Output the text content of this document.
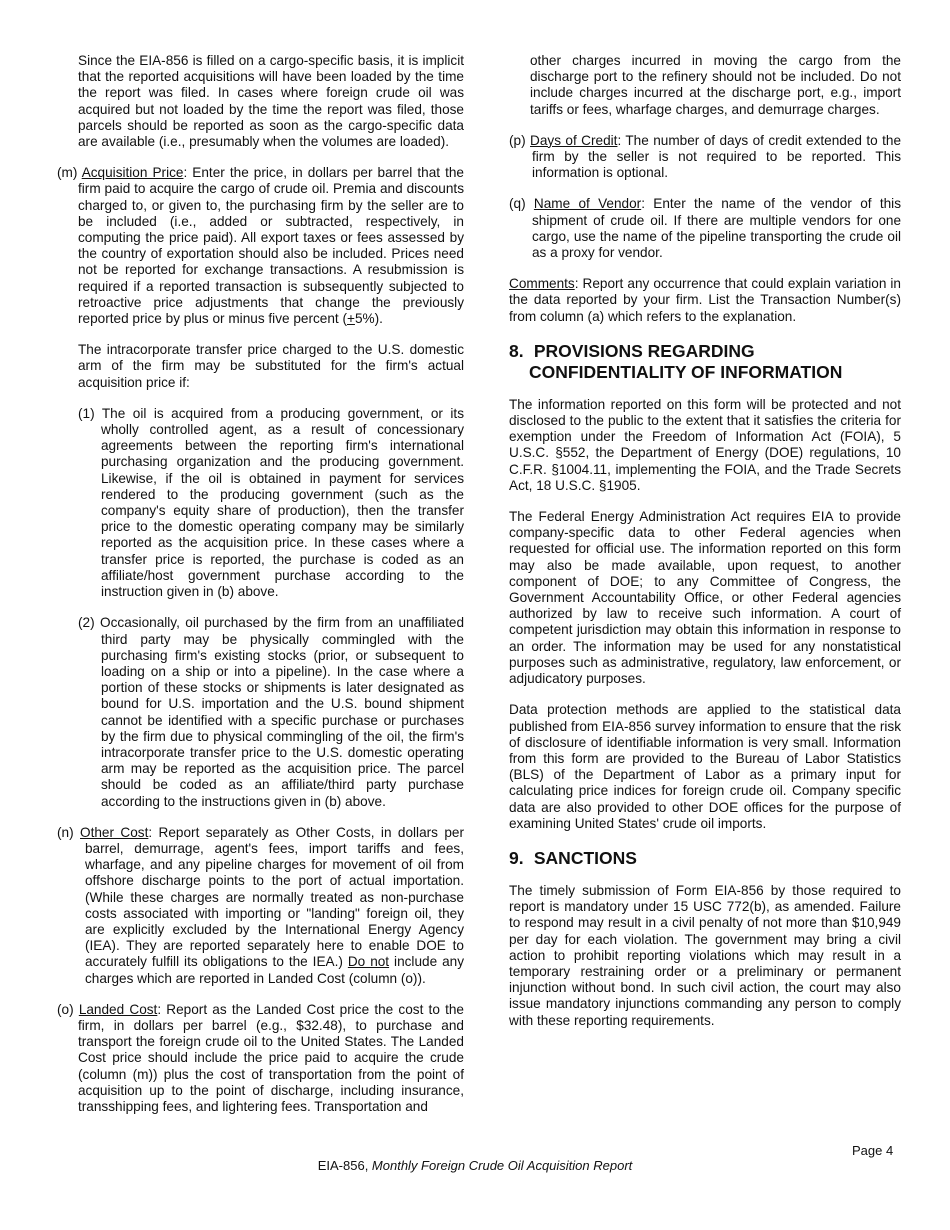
Since the EIA-856 is filled on a cargo-specific basis, it is implicit that the reported acquisitions will have been loaded by the time the report was filed. In cases where foreign crude oil was acquired but not loaded by the time the report was filed, those parcels should be reported as soon as the cargo-specific data are available (i.e., presumably when the volumes are loaded).

(m) Acquisition Price: Enter the price, in dollars per barrel that the firm paid to acquire the cargo of crude oil. Premia and discounts charged to, or given to, the purchasing firm by the seller are to be included (i.e., added or subtracted, respectively, in computing the price paid). All export taxes or fees assessed by the country of exportation should also be included. Prices need not be reported for exchange transactions. A resubmission is required if a reported transaction is subsequently subjected to retroactive price adjustments that change the previously reported price by plus or minus five percent (+5%).

The intracorporate transfer price charged to the U.S. domestic arm of the firm may be substituted for the firm's actual acquisition price if:

(1) The oil is acquired from a producing government, or its wholly controlled agent, as a result of concessionary agreements between the reporting firm's international purchasing organization and the producing government. Likewise, if the oil is obtained in payment for services rendered to the producing government (such as the company's equity share of production), then the transfer price to the domestic operating company may be similarly reported as the acquisition price. In these cases where a transfer price is reported, the purchase is coded as an affiliate/host government purchase according to the instruction given in (b) above.

(2) Occasionally, oil purchased by the firm from an unaffiliated third party may be physically commingled with the purchasing firm's existing stocks (prior, or subsequent to loading on a ship or into a pipeline). In the case where a portion of these stocks or shipments is later designated as bound for U.S. importation and the U.S. bound shipment cannot be identified with a specific purchase or purchases by the firm due to physical commingling of the oil, the firm's intracorporate transfer price to the U.S. domestic operating arm may be reported as the acquisition price. The parcel should be coded as an affiliate/third party purchase according to the instructions given in (b) above.

(n) Other Cost: Report separately as Other Costs, in dollars per barrel, demurrage, agent's fees, import tariffs and fees, wharfage, and any pipeline charges for movement of oil from offshore discharge points to the port of actual importation. (While these charges are normally treated as non-purchase costs associated with importing or "landing" foreign oil, they are explicitly excluded by the International Energy Agency (IEA). They are reported separately here to enable DOE to accurately fulfill its obligations to the IEA.) Do not include any charges which are reported in Landed Cost (column (o)).

(o) Landed Cost: Report as the Landed Cost price the cost to the firm, in dollars per barrel (e.g., $32.48), to purchase and transport the foreign crude oil to the United States. The Landed Cost price should include the price paid to acquire the crude (column (m)) plus the cost of transportation from the point of acquisition up to the point of discharge, including insurance, transshipping fees, and lightering fees. Transportation and

other charges incurred in moving the cargo from the discharge port to the refinery should not be included. Do not include charges incurred at the discharge port, e.g., import tariffs or fees, wharfage charges, and demurrage charges.

(p) Days of Credit: The number of days of credit extended to the firm by the seller is not required to be reported. This information is optional.

(q) Name of Vendor: Enter the name of the vendor of this shipment of crude oil. If there are multiple vendors for one cargo, use the name of the pipeline transporting the crude oil as a proxy for vendor.

Comments: Report any occurrence that could explain variation in the data reported by your firm. List the Transaction Number(s) from column (a) which refers to the explanation.

8. PROVISIONS REGARDING
CONFIDENTIALITY OF INFORMATION

The information reported on this form will be protected and not disclosed to the public to the extent that it satisfies the criteria for exemption under the Freedom of Information Act (FOIA), 5 U.S.C. §552, the Department of Energy (DOE) regulations, 10 C.F.R. §1004.11, implementing the FOIA, and the Trade Secrets Act, 18 U.S.C. §1905.

The Federal Energy Administration Act requires EIA to provide company-specific data to other Federal agencies when requested for official use. The information reported on this form may also be made available, upon request, to another component of DOE; to any Committee of Congress, the Government Accountability Office, or other Federal agencies authorized by law to receive such information. A court of competent jurisdiction may obtain this information in response to an order. The information may be used for any nonstatistical purposes such as administrative, regulatory, law enforcement, or adjudicatory purposes.

Data protection methods are applied to the statistical data published from EIA-856 survey information to ensure that the risk of disclosure of identifiable information is very small. Information from this form are provided to the Bureau of Labor Statistics (BLS) of the Department of Labor as a primary input for calculating price indices for foreign crude oil. Company specific data are also provided to other DOE offices for the purpose of examining United States' crude oil imports.

9. SANCTIONS

The timely submission of Form EIA-856 by those required to report is mandatory under 15 USC 772(b), as amended. Failure to respond may result in a civil penalty of not more than $10,949 per day for each violation. The government may bring a civil action to prohibit reporting violations which may result in a temporary restraining order or a preliminary or permanent injunction without bond. In such civil action, the court may also issue mandatory injunctions commanding any person to comply with these reporting requirements.

Page 4
EIA-856, Monthly Foreign Crude Oil Acquisition Report
